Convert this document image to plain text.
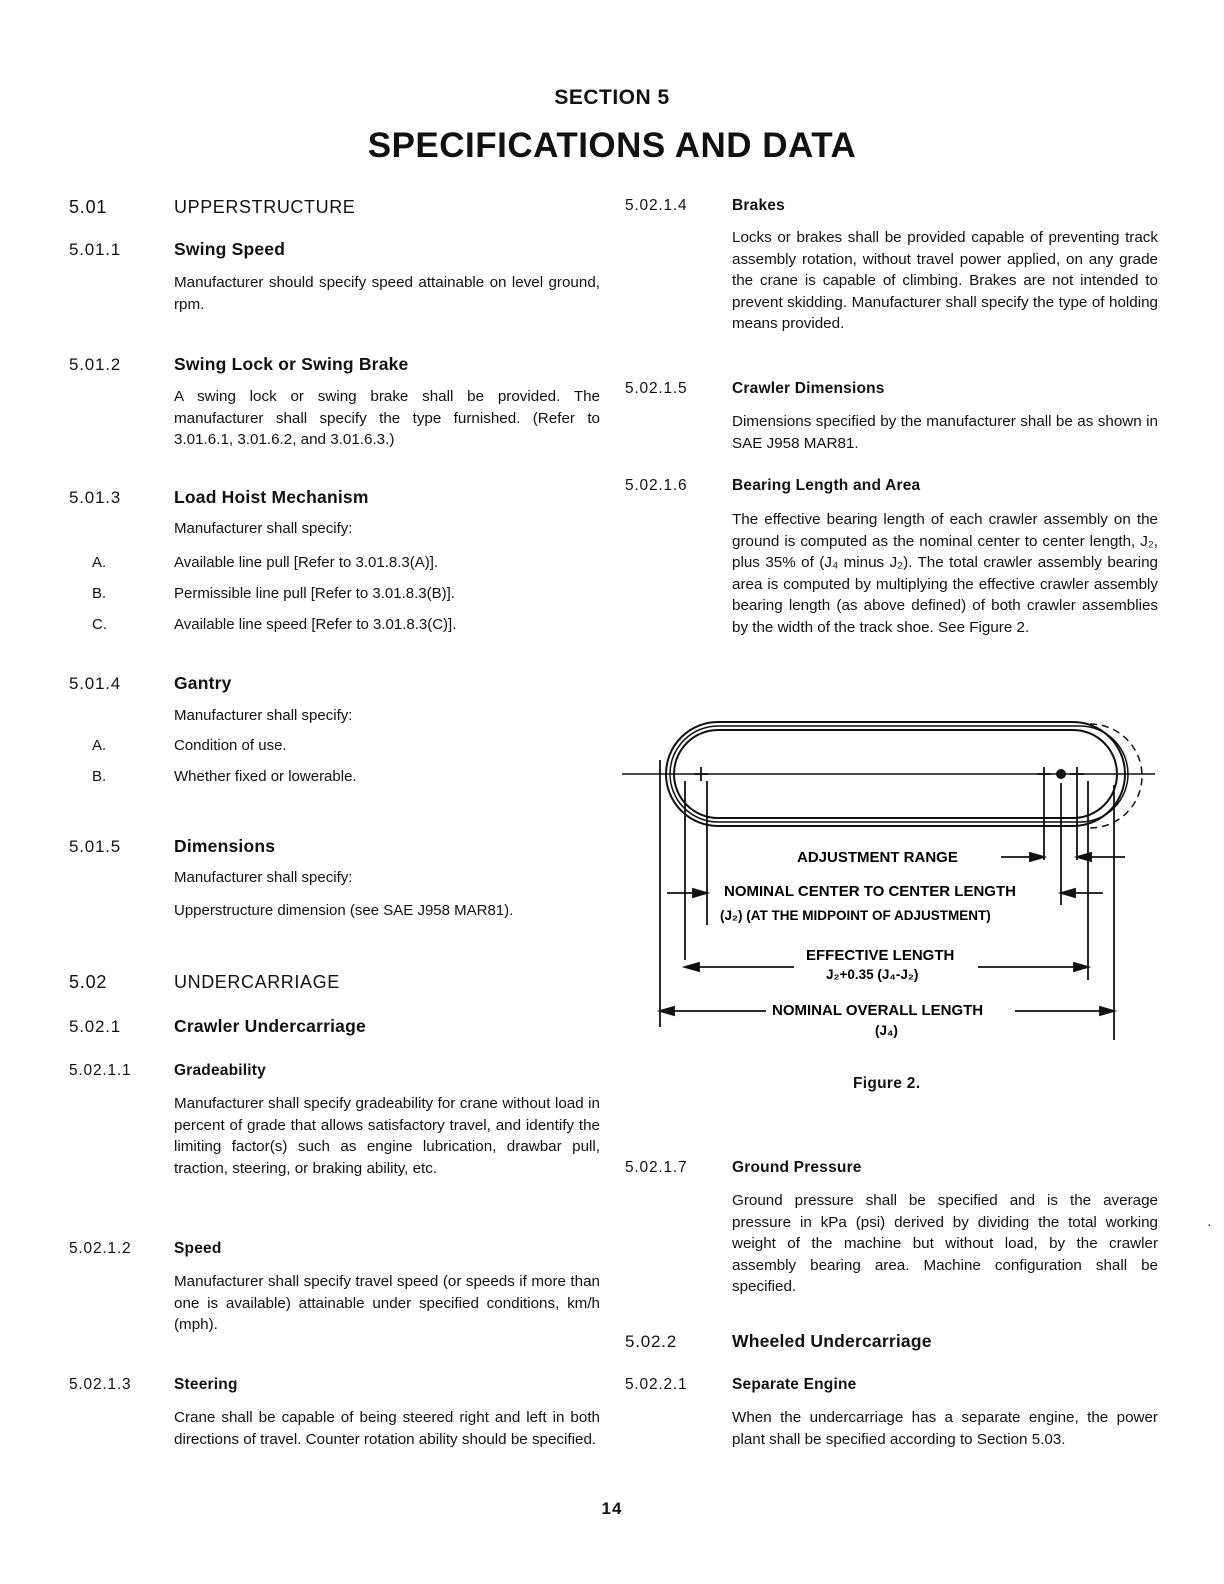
SECTION 5
SPECIFICATIONS AND DATA
5.01	UPPERSTRUCTURE
5.01.1	Swing Speed

Manufacturer should specify speed attainable on level ground, rpm.

5.01.2	Swing Lock or Swing Brake

A swing lock or swing brake shall be provided. The manufacturer shall specify the type furnished. (Refer to 3.01.6.1, 3.01.6.2, and 3.01.6.3.)

5.01.3	Load Hoist Mechanism
Manufacturer shall specify:
A.	Available line pull [Refer to 3.01.8.3(A)].
B.	Permissible line pull [Refer to 3.01.8.3(B)].
C.	Available line speed [Refer to 3.01.8.3(C)].
5.01.4	Gantry
Manufacturer shall specify:
A.	Condition of use.
B.	Whether fixed or lowerable.
5.01.5	Dimensions
Manufacturer shall specify:
Upperstructure dimension (see SAE J958 MAR81).
5.02	UNDERCARRIAGE
5.02.1	Crawler Undercarriage
5.02.1.1	Gradeability

Manufacturer shall specify gradeability for crane without load in percent of grade that allows satisfactory travel, and identify the limiting factor(s) such as engine lubrication, drawbar pull, traction, steering, or braking ability, etc.

5.02.1.2	Speed

Manufacturer shall specify travel speed (or speeds if more than one is available) attainable under specified conditions, km/h (mph).

5.02.1.3	Steering

Crane shall be capable of being steered right and left in both directions of travel. Counter rotation ability should be specified.

5.02.1.4	Brakes

Locks or brakes shall be provided capable of preventing track assembly rotation, without travel power applied, on any grade the crane is capable of climbing. Brakes are not intended to prevent skidding. Manufacturer shall specify the type of holding means provided.

5.02.1.5	Crawler Dimensions

Dimensions specified by the manufacturer shall be as shown in SAE J958 MAR81.

5.02.1.6	Bearing Length and Area

The effective bearing length of each crawler assembly on the ground is computed as the nominal center to center length, J₂, plus 35% of (J₄ minus J₂). The total crawler assembly bearing area is computed by multiplying the effective crawler assembly bearing length (as above defined) of both crawler assemblies by the width of the track shoe. See Figure 2.

ADJUSTMENT RANGE
NOMINAL CENTER TO CENTER LENGTH
(J₂) (AT THE MIDPOINT OF ADJUSTMENT)
EFFECTIVE LENGTH
J₂+0.35 (J₄-J₂)
NOMINAL OVERALL LENGTH
(J₄)
Figure 2.
5.02.1.7	Ground Pressure

Ground pressure shall be specified and is the average pressure in kPa (psi) derived by dividing the total working weight of the machine but without load, by the crawler assembly bearing area. Machine configuration shall be specified.

5.02.2	Wheeled Undercarriage
5.02.2.1	Separate Engine

When the undercarriage has a separate engine, the power plant shall be specified according to Section 5.03.

14
·
